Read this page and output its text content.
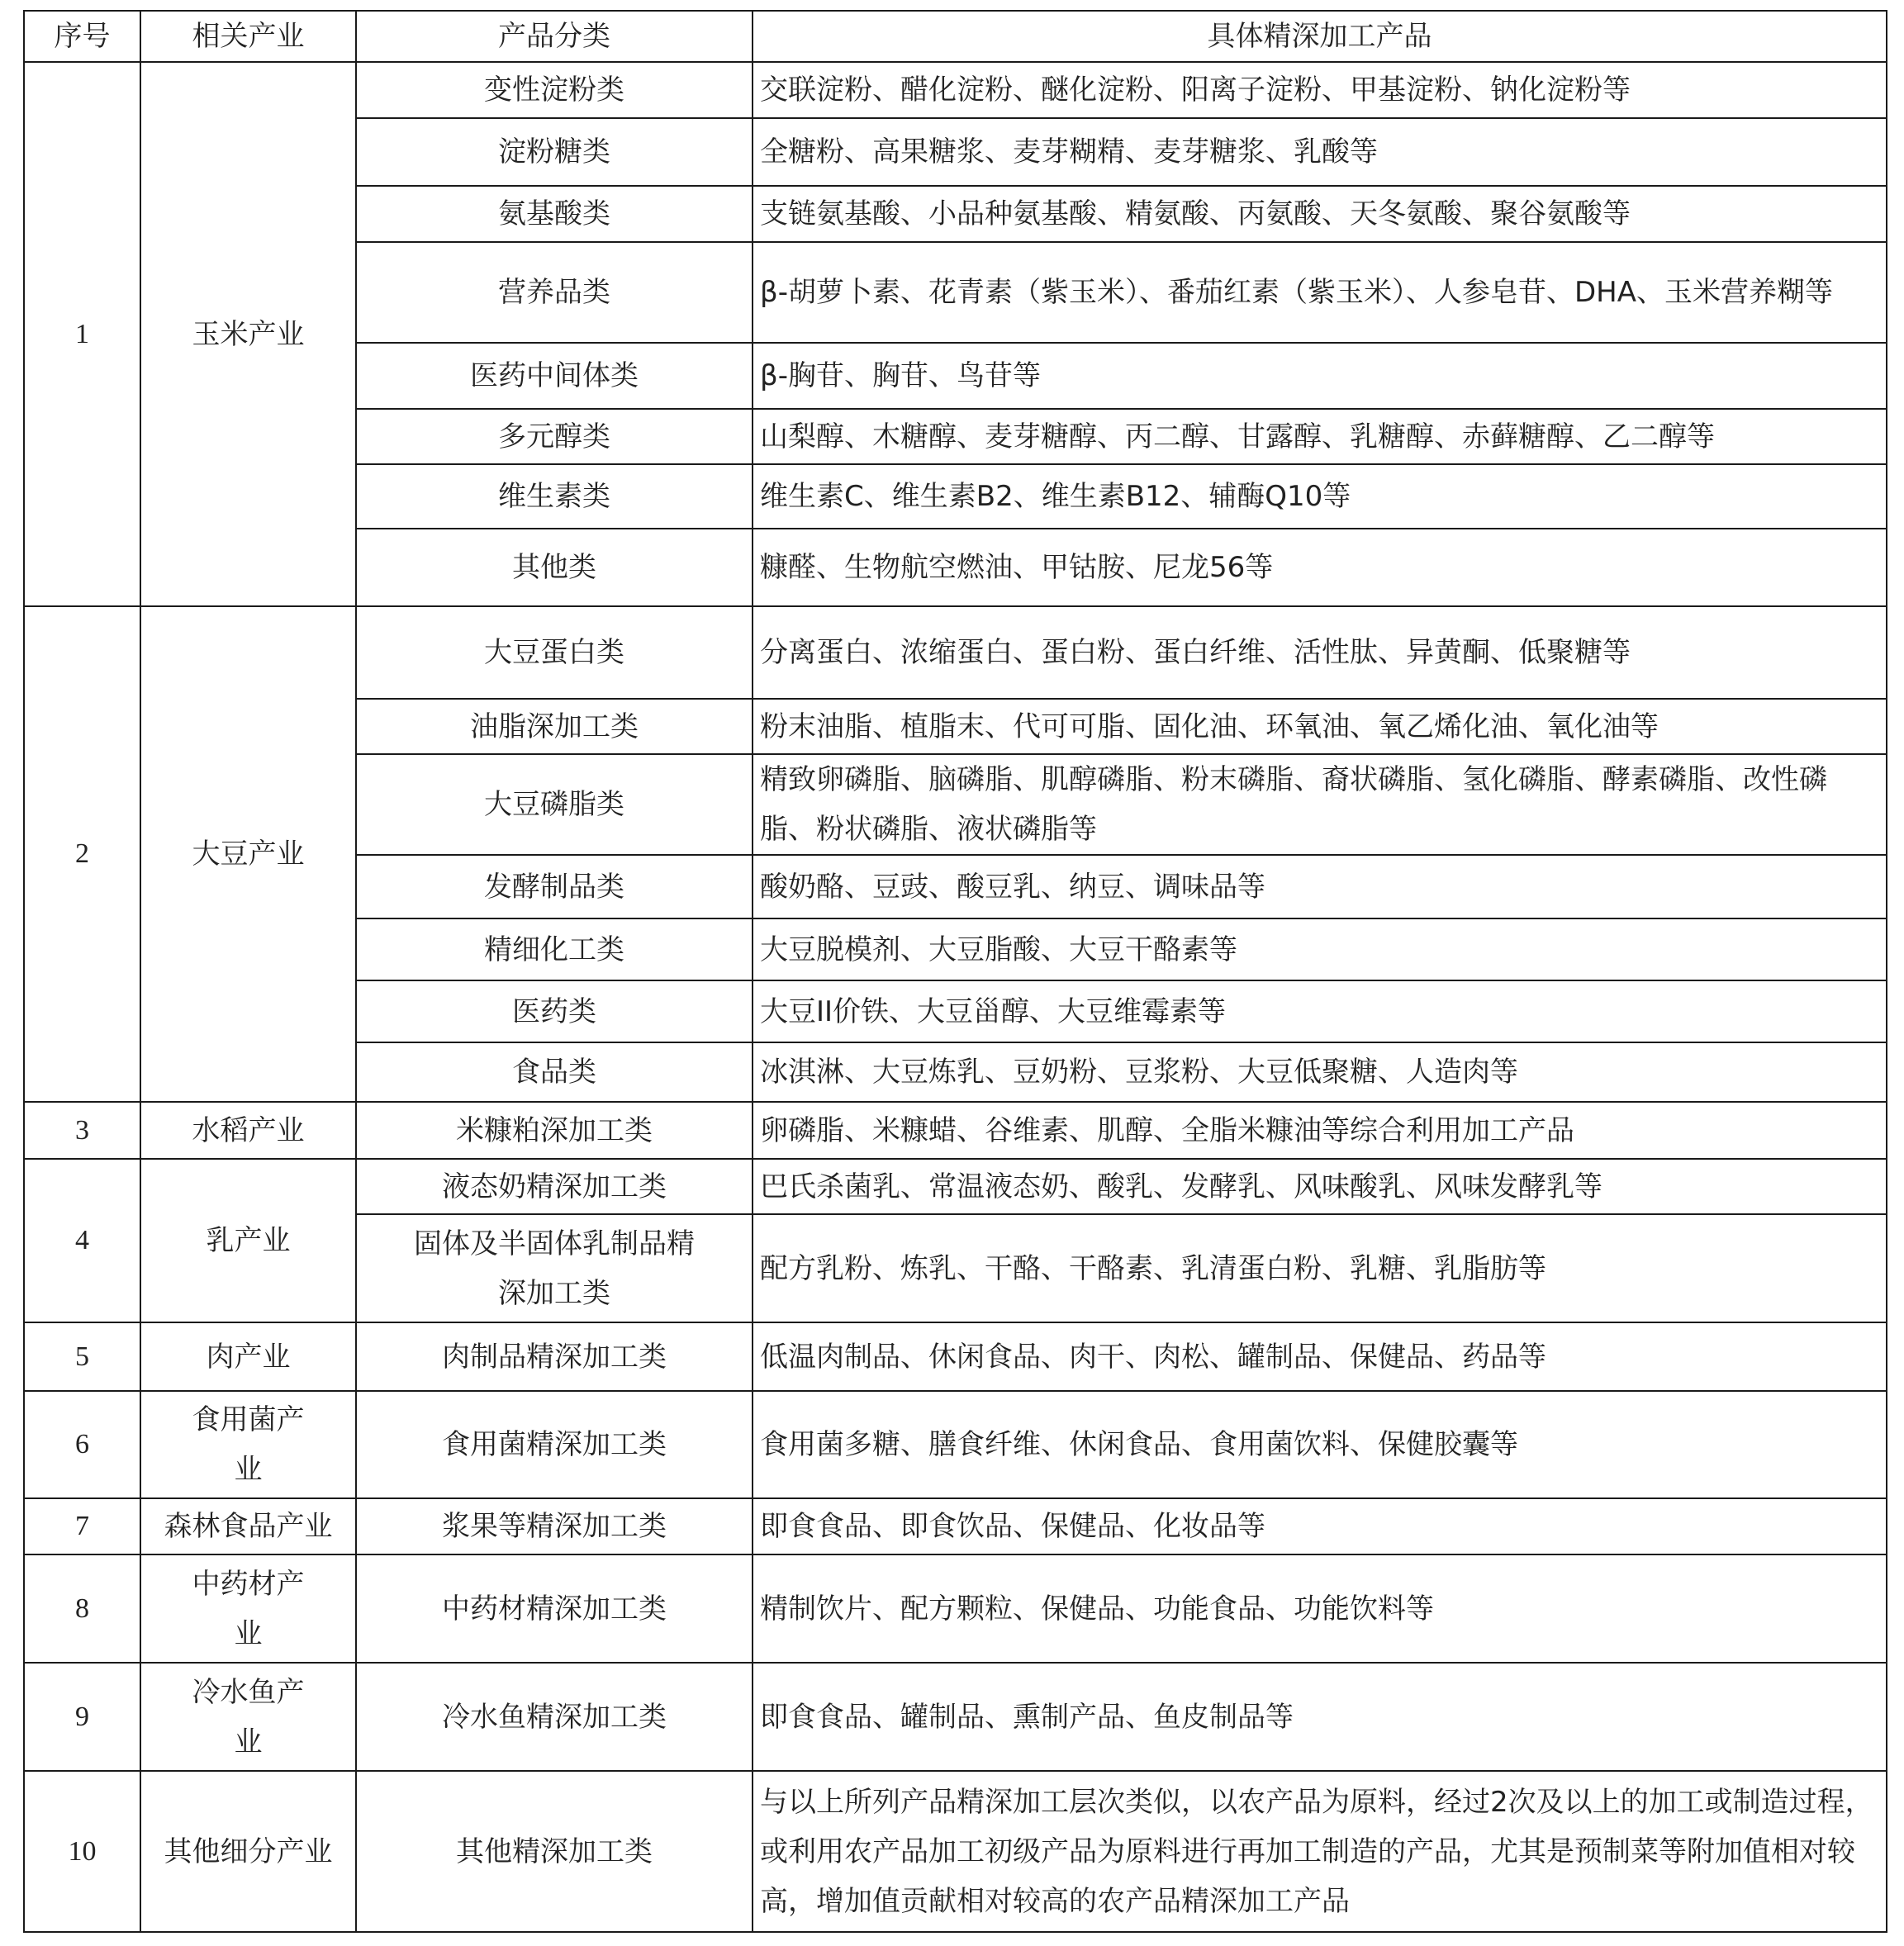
序号	相关产业	产品分类	具体精深加工产品
1	玉米产业	变性淀粉类	交联淀粉、醋化淀粉、醚化淀粉、阳离子淀粉、甲基淀粉、钠化淀粉等
		淀粉糖类	全糖粉、高果糖浆、麦芽糊精、麦芽糖浆、乳酸等
		氨基酸类	支链氨基酸、小品种氨基酸、精氨酸、丙氨酸、天冬氨酸、聚谷氨酸等
		营养品类	β-胡萝卜素、花青素（紫玉米）、番茄红素（紫玉米）、人参皂苷、DHA、玉米营养糊等
		医药中间体类	β-胸苷、胸苷、鸟苷等
		多元醇类	山梨醇、木糖醇、麦芽糖醇、丙二醇、甘露醇、乳糖醇、赤藓糖醇、乙二醇等
		维生素类	维生素C、维生素B2、维生素B12、辅酶Q10等
		其他类	糠醛、生物航空燃油、甲钴胺、尼龙56等
2	大豆产业	大豆蛋白类	分离蛋白、浓缩蛋白、蛋白粉、蛋白纤维、活性肽、异黄酮、低聚糖等
		油脂深加工类	粉末油脂、植脂末、代可可脂、固化油、环氧油、氧乙烯化油、氧化油等
		大豆磷脂类	精致卵磷脂、脑磷脂、肌醇磷脂、粉末磷脂、裔状磷脂、氢化磷脂、酵素磷脂、改性磷脂、粉状磷脂、液状磷脂等
		发酵制品类	酸奶酪、豆豉、酸豆乳、纳豆、调味品等
		精细化工类	大豆脱模剂、大豆脂酸、大豆干酪素等
		医药类	大豆II价铁、大豆甾醇、大豆维霉素等
		食品类	冰淇淋、大豆炼乳、豆奶粉、豆浆粉、大豆低聚糖、人造肉等
3	水稻产业	米糠粕深加工类	卵磷脂、米糠蜡、谷维素、肌醇、全脂米糠油等综合利用加工产品
4	乳产业	液态奶精深加工类	巴氏杀菌乳、常温液态奶、酸乳、发酵乳、风味酸乳、风味发酵乳等
		固体及半固体乳制品精深加工类	配方乳粉、炼乳、干酪、干酪素、乳清蛋白粉、乳糖、乳脂肪等
5	肉产业	肉制品精深加工类	低温肉制品、休闲食品、肉干、肉松、罐制品、保健品、药品等
6	食用菌产业	食用菌精深加工类	食用菌多糖、膳食纤维、休闲食品、食用菌饮料、保健胶囊等
7	森林食品产业	浆果等精深加工类	即食食品、即食饮品、保健品、化妆品等
8	中药材产业	中药材精深加工类	精制饮片、配方颗粒、保健品、功能食品、功能饮料等
9	冷水鱼产业	冷水鱼精深加工类	即食食品、罐制品、熏制产品、鱼皮制品等
10	其他细分产业	其他精深加工类	与以上所列产品精深加工层次类似，以农产品为原料，经过2次及以上的加工或制造过程，或利用农产品加工初级产品为原料进行再加工制造的产品，尤其是预制菜等附加值相对较高，增加值贡献相对较高的农产品精深加工产品
